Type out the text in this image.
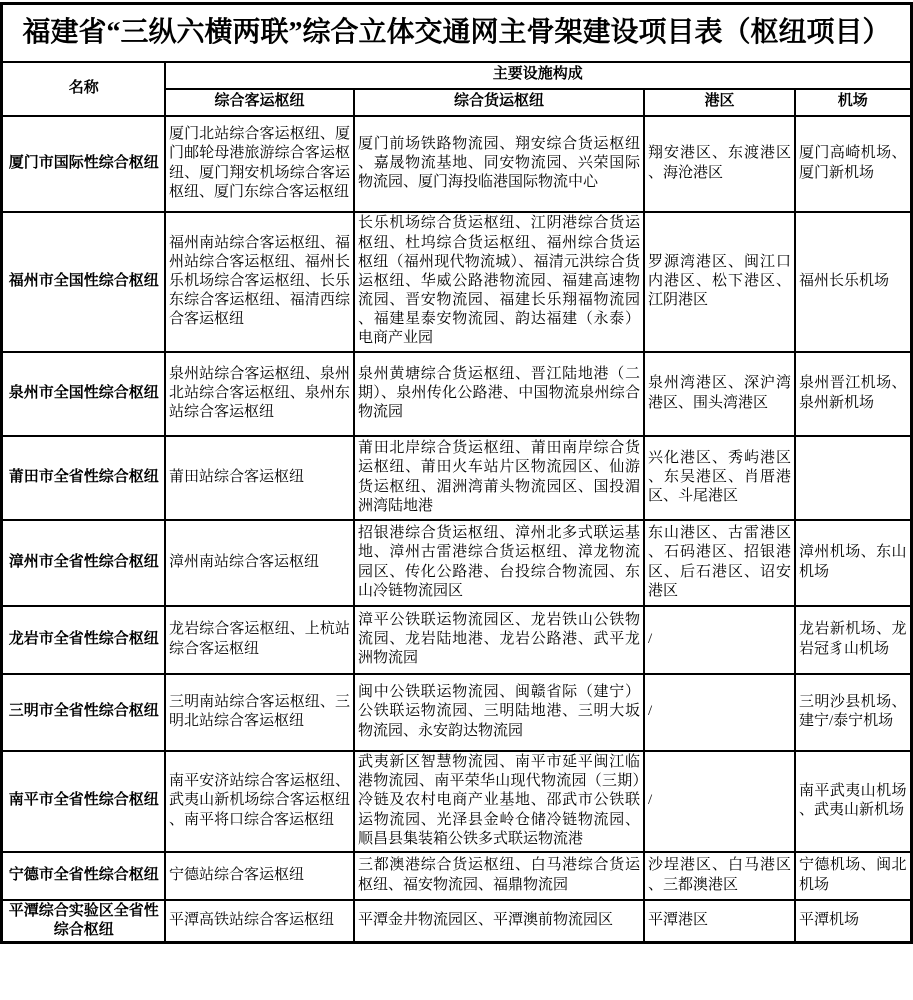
福建省“三纵六横两联”综合立体交通网主骨架建设项目表（枢纽项目）				
名称	主要设施构成			
	综合客运枢纽	综合货运枢纽	港区	机场
厦门市国际性综合枢纽	厦门北站综合客运枢纽、厦门邮轮母港旅游综合客运枢纽、厦门翔安机场综合客运枢纽、厦门东综合客运枢纽	厦门前场铁路物流园、翔安综合货运枢纽、嘉晟物流基地、同安物流园、兴荣国际物流园、厦门海投临港国际物流中心	翔安港区、东渡港区、海沧港区	厦门高崎机场、厦门新机场
福州市全国性综合枢纽	福州南站综合客运枢纽、福州站综合客运枢纽、福州长乐机场综合客运枢纽、长乐东综合客运枢纽、福清西综合客运枢纽	长乐机场综合货运枢纽、江阴港综合货运枢纽、杜坞综合货运枢纽、福州综合货运枢纽（福州现代物流城）、福清元洪综合货运枢纽、华威公路港物流园、福建高速物流园、晋安物流园、福建长乐翔福物流园、福建星泰安物流园、韵达福建（永泰）电商产业园	罗源湾港区、闽江口内港区、松下港区、江阴港区	福州长乐机场
泉州市全国性综合枢纽	泉州站综合客运枢纽、泉州北站综合客运枢纽、泉州东站综合客运枢纽	泉州黄塘综合货运枢纽、晋江陆地港（二期）、泉州传化公路港、中国物流泉州综合物流园	泉州湾港区、深沪湾港区、围头湾港区	泉州晋江机场、泉州新机场
莆田市全省性综合枢纽	莆田站综合客运枢纽	莆田北岸综合货运枢纽、莆田南岸综合货运枢纽、莆田火车站片区物流园区、仙游货运枢纽、湄洲湾莆头物流园区、国投湄洲湾陆地港	兴化港区、秀屿港区、东吴港区、肖厝港区、斗尾港区	
漳州市全省性综合枢纽	漳州南站综合客运枢纽	招银港综合货运枢纽、漳州北多式联运基地、漳州古雷港综合货运枢纽、漳龙物流园区、传化公路港、台投综合物流园、东山冷链物流园区	东山港区、古雷港区、石码港区、招银港区、后石港区、诏安港区	漳州机场、东山机场
龙岩市全省性综合枢纽	龙岩综合客运枢纽、上杭站综合客运枢纽	漳平公铁联运物流园区、龙岩铁山公铁物流园、龙岩陆地港、龙岩公路港、武平龙洲物流园	/	龙岩新机场、龙岩冠豸山机场
三明市全省性综合枢纽	三明南站综合客运枢纽、三明北站综合客运枢纽	闽中公铁联运物流园、闽赣省际（建宁）公铁联运物流园、三明陆地港、三明大坂物流园、永安韵达物流园	/	三明沙县机场、建宁/泰宁机场
南平市全省性综合枢纽	南平安济站综合客运枢纽、武夷山新机场综合客运枢纽、南平将口综合客运枢纽	武夷新区智慧物流园、南平市延平闽江临港物流园、南平荣华山现代物流园（三期）冷链及农村电商产业基地、邵武市公铁联运物流园、光泽县金岭仓储冷链物流园、顺昌县集装箱公铁多式联运物流港	/	南平武夷山机场、武夷山新机场
宁德市全省性综合枢纽	宁德站综合客运枢纽	三都澳港综合货运枢纽、白马港综合货运枢纽、福安物流园、福鼎物流园	沙埕港区、白马港区、三都澳港区	宁德机场、闽北机场
平潭综合实验区全省性综合枢纽	平潭高铁站综合客运枢纽	平潭金井物流园区、平潭澳前物流园区	平潭港区	平潭机场
